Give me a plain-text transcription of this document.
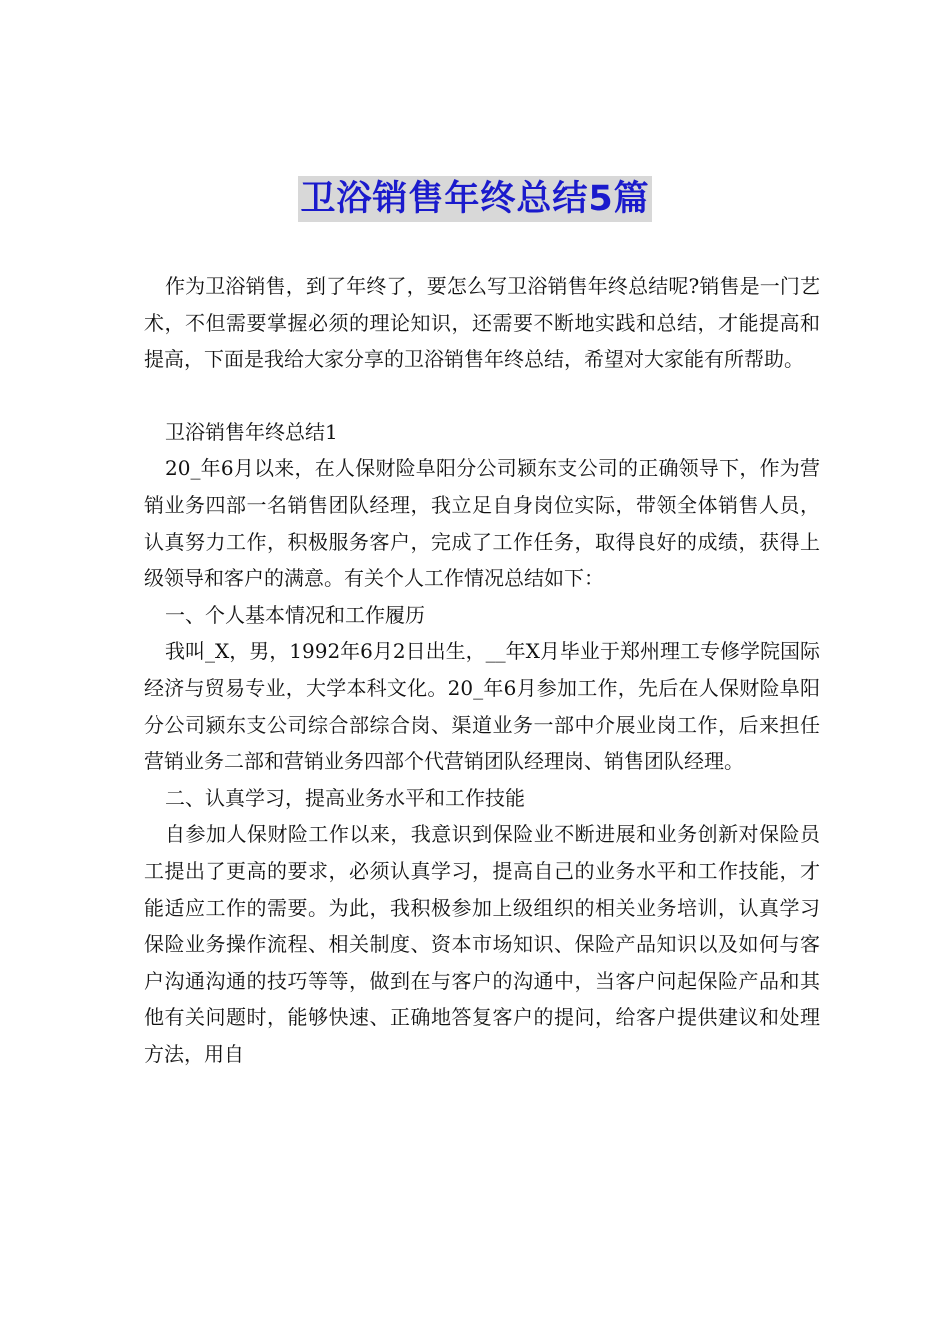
卫浴销售年终总结5篇

作为卫浴销售，到了年终了，要怎么写卫浴销售年终总结呢?销售是一门艺术，不但需要掌握必须的理论知识，还需要不断地实践和总结，才能提高和提高，下面是我给大家分享的卫浴销售年终总结，希望对大家能有所帮助。

卫浴销售年终总结1

20_年6月以来，在人保财险阜阳分公司颍东支公司的正确领导下，作为营销业务四部一名销售团队经理，我立足自身岗位实际，带领全体销售人员，认真努力工作，积极服务客户，完成了工作任务，取得良好的成绩，获得上级领导和客户的满意。有关个人工作情况总结如下：

一、个人基本情况和工作履历

我叫_X，男，1992年6月2日出生，__年X月毕业于郑州理工专修学院国际经济与贸易专业，大学本科文化。20_年6月参加工作，先后在人保财险阜阳分公司颍东支公司综合部综合岗、渠道业务一部中介展业岗工作，后来担任营销业务二部和营销业务四部个代营销团队经理岗、销售团队经理。

二、认真学习，提高业务水平和工作技能

自参加人保财险工作以来，我意识到保险业不断进展和业务创新对保险员工提出了更高的要求，必须认真学习，提高自己的业务水平和工作技能，才能适应工作的需要。为此，我积极参加上级组织的相关业务培训，认真学习保险业务操作流程、相关制度、资本市场知识、保险产品知识以及如何与客户沟通沟通的技巧等等，做到在与客户的沟通中，当客户问起保险产品和其他有关问题时，能够快速、正确地答复客户的提问，给客户提供建议和处理方法，用自
